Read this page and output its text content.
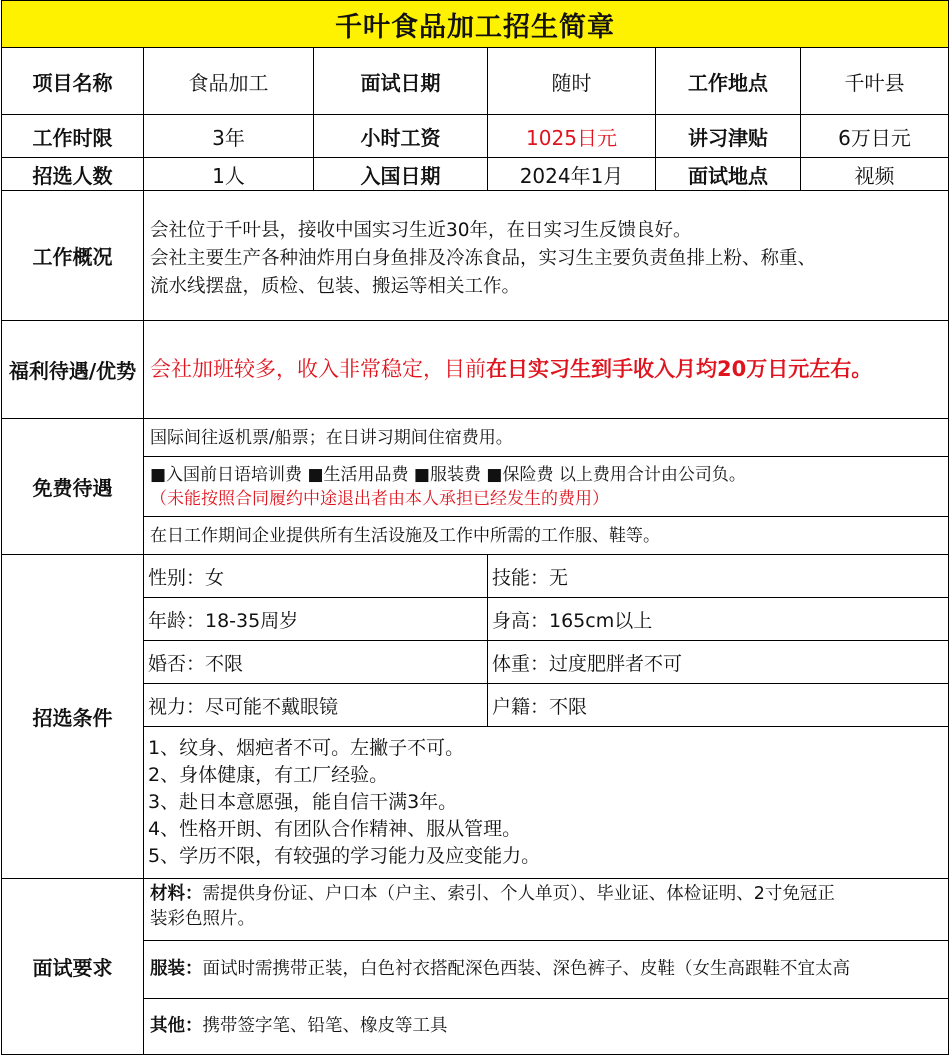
千叶食品加工招生简章					
项目名称	食品加工	面试日期	随时	工作地点	千叶县
工作时限	3年	小时工资	1025日元	讲习津贴	6万日元
招选人数	1人	入国日期	2024年1月	面试地点	视频
工作概况	会社位于千叶县，接收中国实习生近30年，在日实习生反馈良好。
会社主要生产各种油炸用白身鱼排及冷冻食品，实习生主要负责鱼排上粉、称重、
流水线摆盘，质检、包装、搬运等相关工作。				

福利待遇/优势	会社加班较多，收入非常稳定，目前在日实习生到手收入月均20万日元左右。				
免费待遇	国际间往返机票/船票；在日讲习期间住宿费用。				

	■入国前日语培训费 ■生活用品费 ■服装费 ■保险费 以上费用合计由公司负。
（未能按照合同履约中途退出者由本人承担已经发生的费用）				

	在日工作期间企业提供所有生活设施及工作中所需的工作服、鞋等。				
招选条件	性别：女		技能：无		
	年龄：18-35周岁		身高：165cm以上		
	婚否：不限		体重：过度肥胖者不可		
	视力：尽可能不戴眼镜		户籍：不限		

	1、纹身、烟疤者不可。左撇子不可。
2、身体健康，有工厂经验。
3、赴日本意愿强，能自信干满3年。
4、性格开朗、有团队合作精神、服从管理。
5、学历不限，有较强的学习能力及应变能力。				

面试要求	材料：需提供身份证、户口本（户主、索引、个人单页）、毕业证、体检证明、2寸免冠正
装彩色照片。				

	服装：面试时需携带正装，白色衬衣搭配深色西装、深色裤子、皮鞋（女生高跟鞋不宜太高				
	其他：携带签字笔、铅笔、橡皮等工具				
